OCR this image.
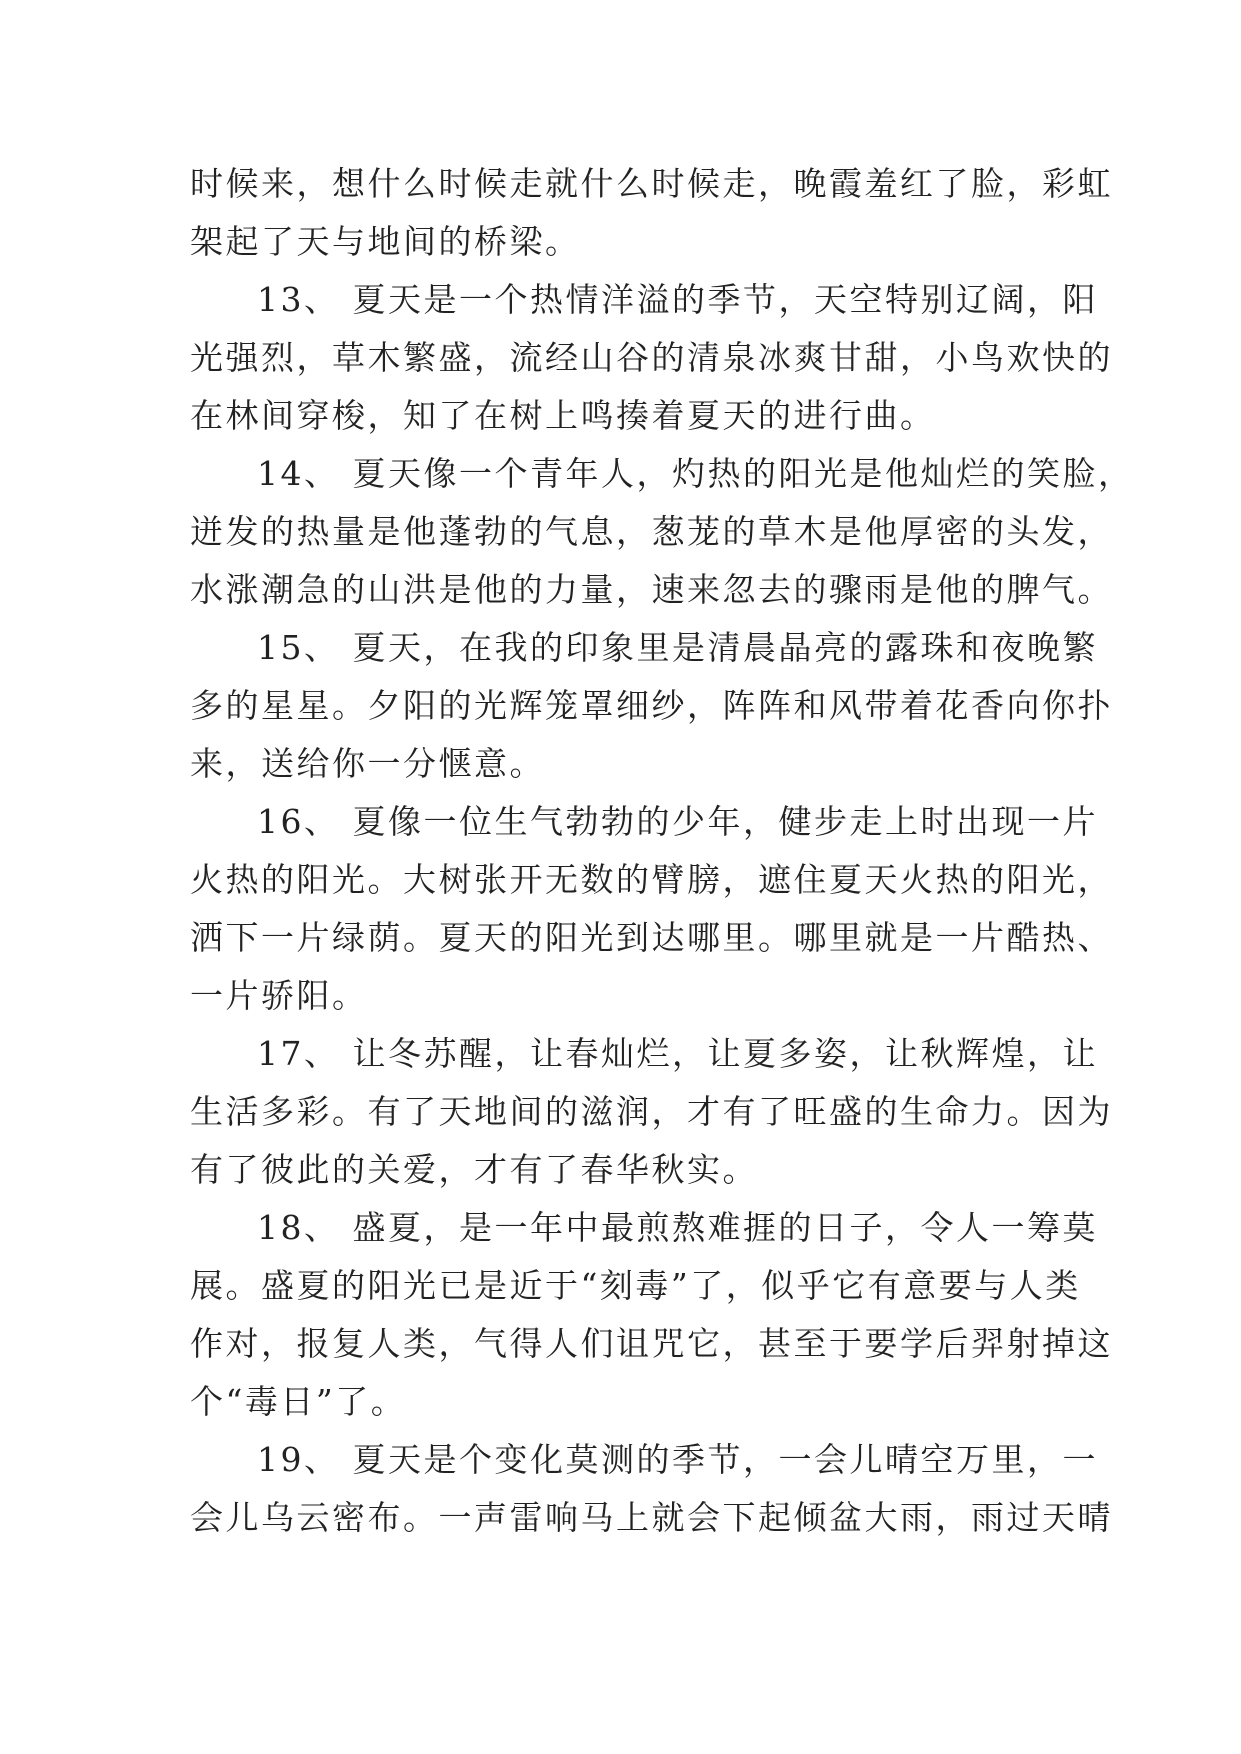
时候来，想什么时候走就什么时候走，晚霞羞红了脸，彩虹
架起了天与地间的桥梁。
13、 夏天是一个热情洋溢的季节，天空特别辽阔，阳
光强烈，草木繁盛，流经山谷的清泉冰爽甘甜，小鸟欢快的
在林间穿梭，知了在树上鸣揍着夏天的进行曲。
14、 夏天像一个青年人，灼热的阳光是他灿烂的笑脸，
迸发的热量是他蓬勃的气息，葱茏的草木是他厚密的头发，
水涨潮急的山洪是他的力量，速来忽去的骤雨是他的脾气。
15、 夏天，在我的印象里是清晨晶亮的露珠和夜晚繁
多的星星。夕阳的光辉笼罩细纱，阵阵和风带着花香向你扑
来，送给你一分惬意。
16、 夏像一位生气勃勃的少年，健步走上时出现一片
火热的阳光。大树张开无数的臂膀，遮住夏天火热的阳光，
洒下一片绿荫。夏天的阳光到达哪里。哪里就是一片酷热、
一片骄阳。
17、 让冬苏醒，让春灿烂，让夏多姿，让秋辉煌，让
生活多彩。有了天地间的滋润，才有了旺盛的生命力。因为
有了彼此的关爱，才有了春华秋实。
18、 盛夏，是一年中最煎熬难捱的日子，令人一筹莫
展。盛夏的阳光已是近于“刻毒”了，似乎它有意要与人类
作对，报复人类，气得人们诅咒它，甚至于要学后羿射掉这
个“毒日”了。
19、 夏天是个变化莫测的季节，一会儿晴空万里，一
会儿乌云密布。一声雷响马上就会下起倾盆大雨，雨过天晴
